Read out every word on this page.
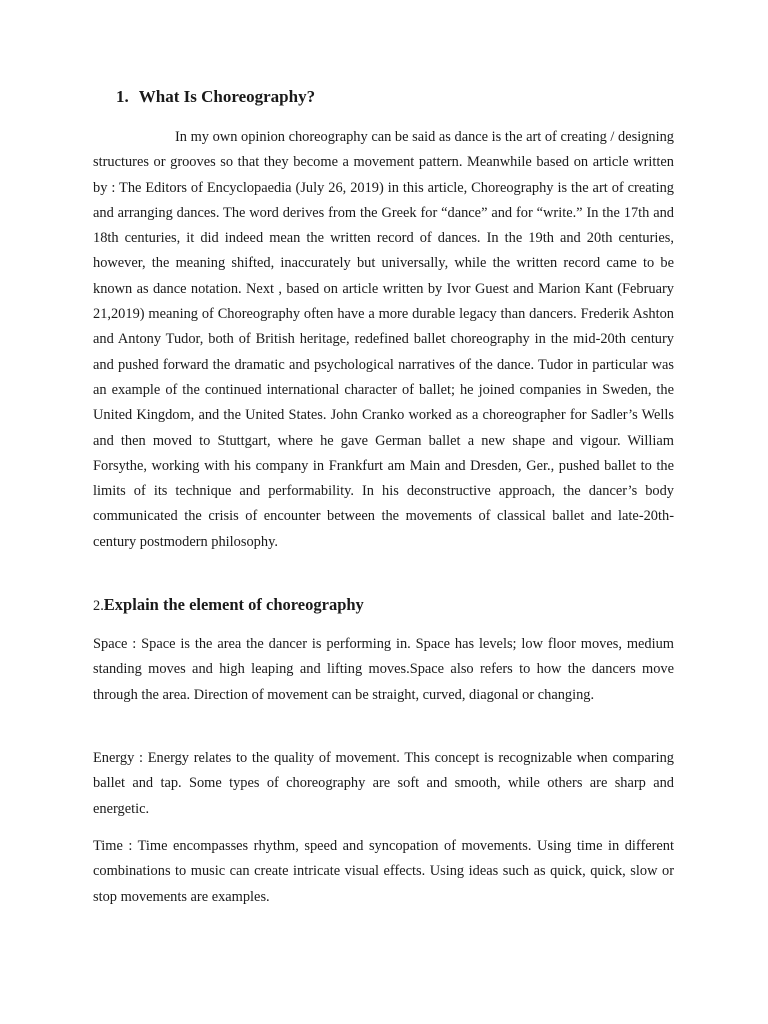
1. What Is Choreography?

In my own opinion choreography can be said as dance is the art of creating / designing structures or grooves so that they become a movement pattern. Meanwhile based on article written by : The Editors of Encyclopaedia (July 26, 2019) in this article, Choreography is the art of creating and arranging dances. The word derives from the Greek for “dance” and for “write.” In the 17th and 18th centuries, it did indeed mean the written record of dances. In the 19th and 20th centuries, however, the meaning shifted, inaccurately but universally, while the written record came to be known as dance notation. Next , based on article written by Ivor Guest and Marion Kant (February 21,2019) meaning of Choreography often have a more durable legacy than dancers. Frederik Ashton and Antony Tudor, both of British heritage, redefined ballet choreography in the mid-20th century and pushed forward the dramatic and psychological narratives of the dance. Tudor in particular was an example of the continued international character of ballet; he joined companies in Sweden, the United Kingdom, and the United States. John Cranko worked as a choreographer for Sadler’s Wells and then moved to Stuttgart, where he gave German ballet a new shape and vigour. William Forsythe, working with his company in Frankfurt am Main and Dresden, Ger., pushed ballet to the limits of its technique and performability. In his deconstructive approach, the dancer’s body communicated the crisis of encounter between the movements of classical ballet and late-20th-century postmodern philosophy.

2.Explain the element of choreography

Space : Space is the area the dancer is performing in. Space has levels; low floor moves, medium standing moves and high leaping and lifting moves.Space also refers to how the dancers move through the area. Direction of movement can be straight, curved, diagonal or changing.

Energy : Energy relates to the quality of movement. This concept is recognizable when comparing ballet and tap. Some types of choreography are soft and smooth, while others are sharp and energetic.

Time : Time encompasses rhythm, speed and syncopation of movements. Using time in different combinations to music can create intricate visual effects. Using ideas such as quick, quick, slow or stop movements are examples.
